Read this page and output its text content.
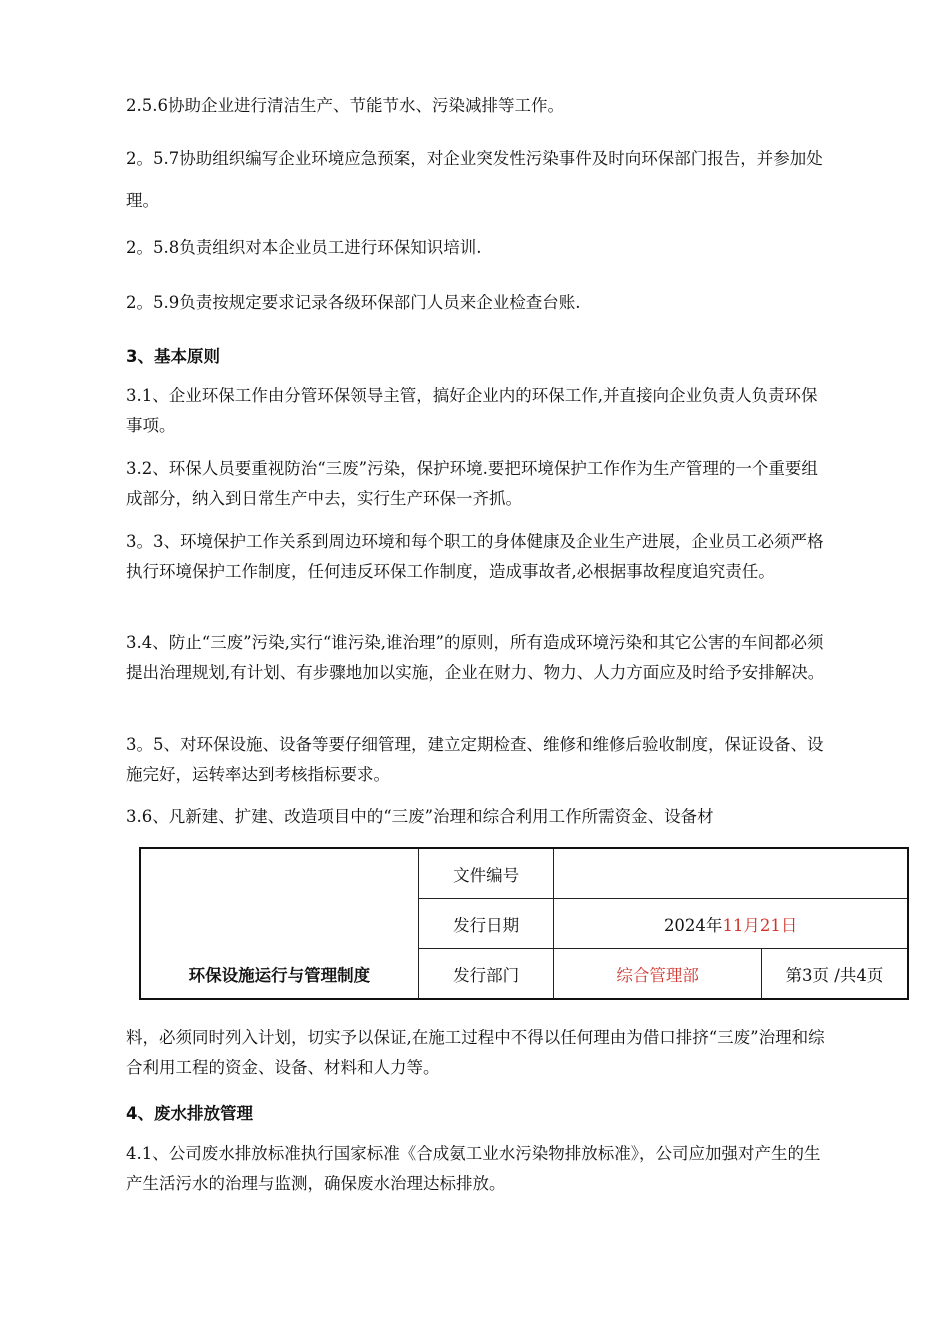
2.5.6协助企业进行清洁生产、节能节水、污染减排等工作。

2。5.7协助组织编写企业环境应急预案，对企业突发性污染事件及时向环保部门报告，并参加处理。

2。5.8负责组织对本企业员工进行环保知识培训.

2。5.9负责按规定要求记录各级环保部门人员来企业检查台账.

3、基本原则

3.1、企业环保工作由分管环保领导主管，搞好企业内的环保工作,并直接向企业负责人负责环保事项。

3.2、环保人员要重视防治“三废”污染，保护环境.要把环境保护工作作为生产管理的一个重要组成部分，纳入到日常生产中去，实行生产环保一齐抓。

3。3、环境保护工作关系到周边环境和每个职工的身体健康及企业生产进展，企业员工必须严格执行环境保护工作制度，任何违反环保工作制度，造成事故者,必根据事故程度追究责任。

3.4、防止“三废”污染,实行“谁污染,谁治理”的原则，所有造成环境污染和其它公害的车间都必须提出治理规划,有计划、有步骤地加以实施，企业在财力、物力、人力方面应及时给予安排解决。

3。5、对环保设施、设备等要仔细管理，建立定期检查、维修和维修后验收制度，保证设备、设施完好，运转率达到考核指标要求。

3.6、凡新建、扩建、改造项目中的“三废”治理和综合利用工作所需资金、设备材

环保设施运行与管理制度	文件编号		
	发行日期	2024年11月21日	
	发行部门	综合管理部	第3页 /共4页

料，必须同时列入计划，切实予以保证,在施工过程中不得以任何理由为借口排挤“三废”治理和综合利用工程的资金、设备、材料和人力等。

4、废水排放管理

4.1、公司废水排放标准执行国家标准《合成氨工业水污染物排放标准》，公司应加强对产生的生产生活污水的治理与监测，确保废水治理达标排放。
